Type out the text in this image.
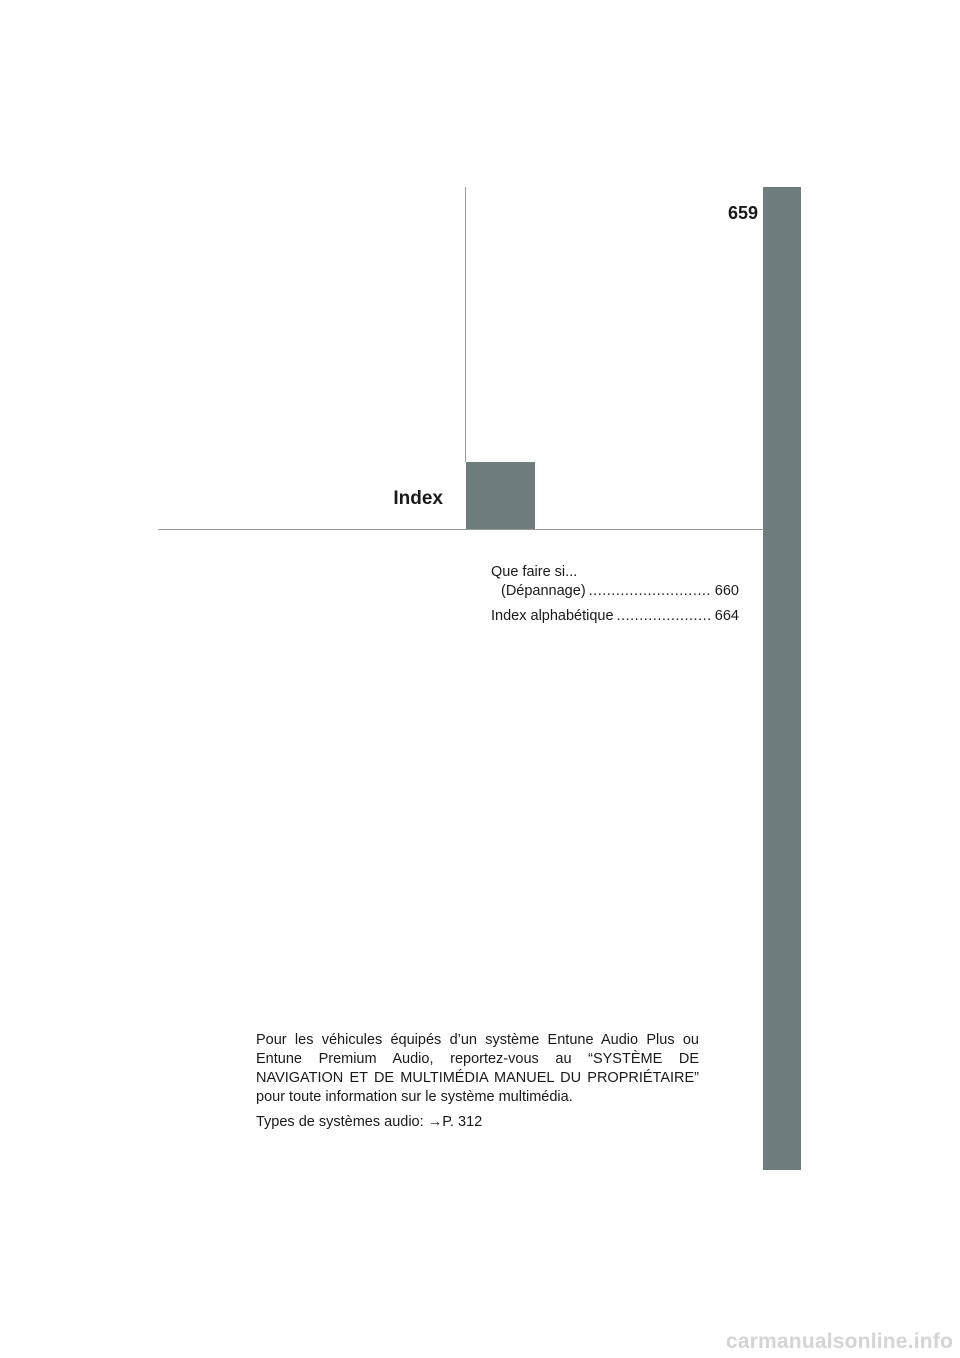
659
Index
Que faire si...
(Dépannage) .....	660
Index alphabétique .....	664

Pour les véhicules équipés d’un système Entune Audio Plus ou Entune Premium Audio, reportez-vous au “SYSTÈME DE NAVIGATION ET DE MULTIMÉDIA MANUEL DU PROPRIÉTAIRE” pour toute information sur le système multimédia.

Types de systèmes audio: →P. 312

carmanualsonline.info
